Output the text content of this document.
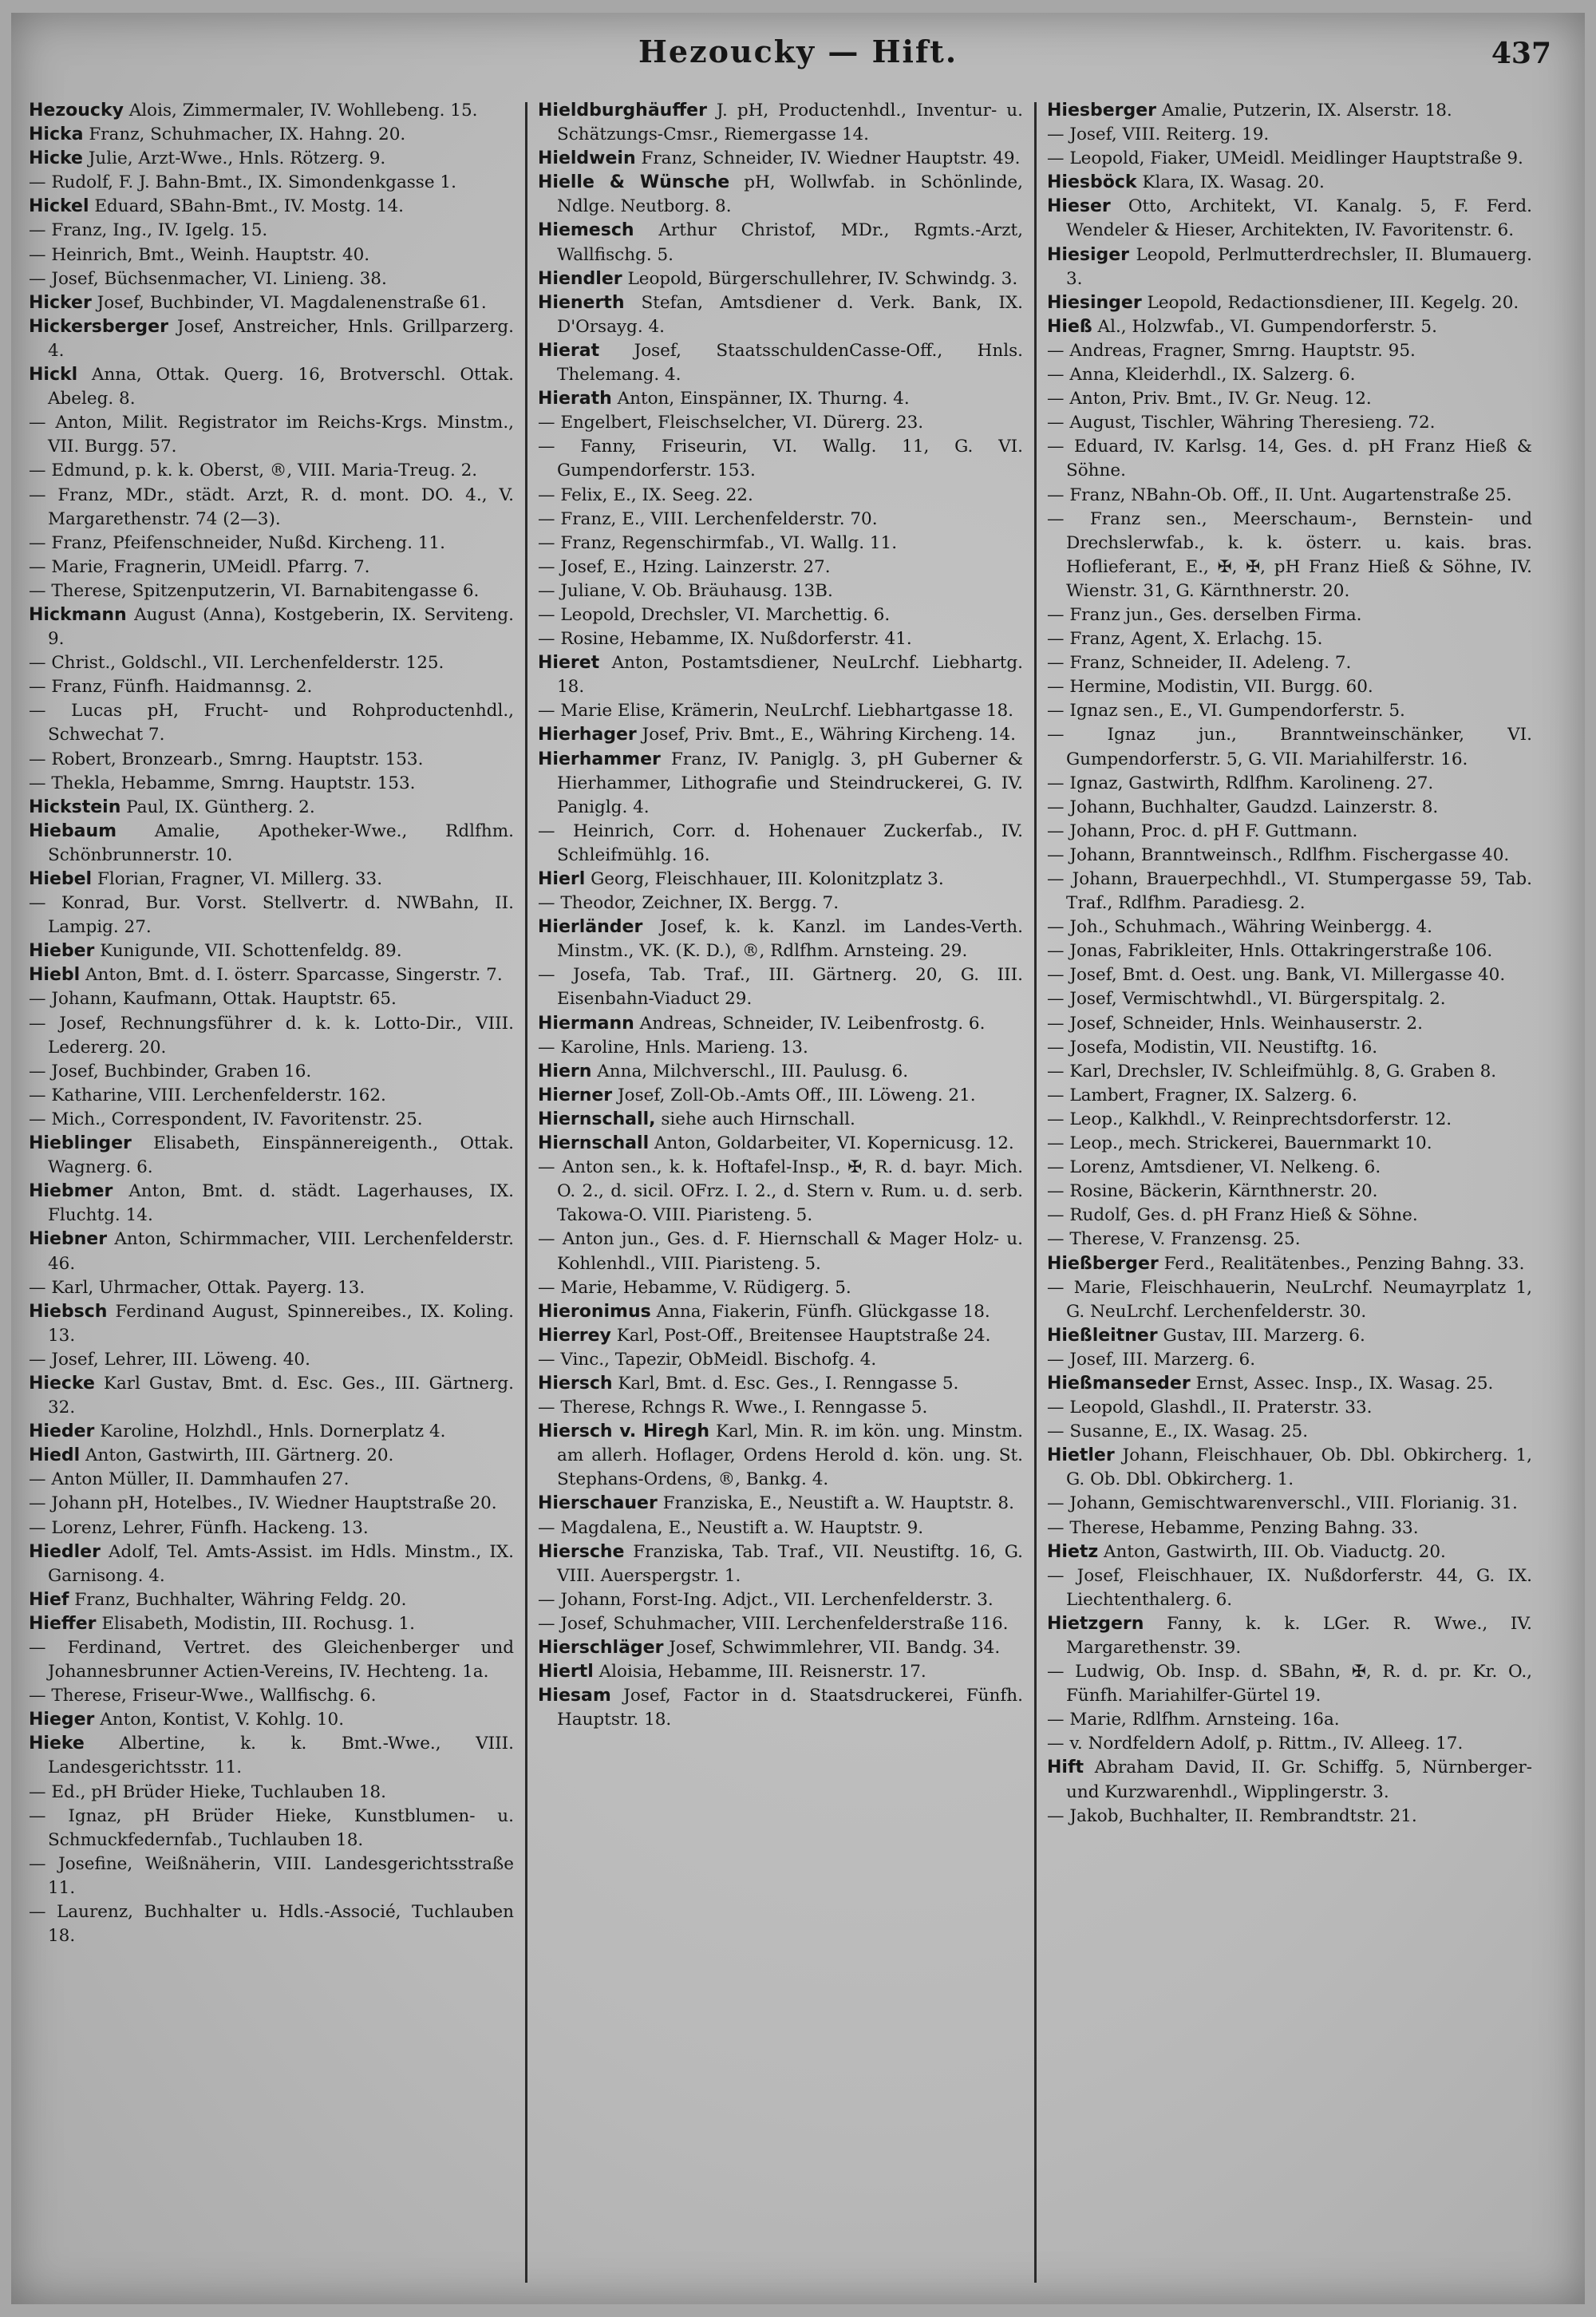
Hezoucky — Hift.	437

Hezoucky Alois, Zimmermaler, IV. Wohllebeng. 15.

Hicka Franz, Schuhmacher, IX. Hahng. 20.

Hicke Julie, Arzt-Wwe., Hnls. Rötzerg. 9.

— Rudolf, F. J. Bahn-Bmt., IX. Simondenkgasse 1.

Hickel Eduard, SBahn-Bmt., IV. Mostg. 14.

— Franz, Ing., IV. Igelg. 15.

— Heinrich, Bmt., Weinh. Hauptstr. 40.

— Josef, Büchsenmacher, VI. Linieng. 38.

Hicker Josef, Buchbinder, VI. Magdalenenstraße 61.

Hickersberger Josef, Anstreicher, Hnls. Grillparzerg. 4.

Hickl Anna, Ottak. Querg. 16, Brotverschl. Ottak. Abeleg. 8.

— Anton, Milit. Registrator im Reichs-Krgs. Minstm., VII. Burgg. 57.

— Edmund, p. k. k. Oberst, ®, VIII. Maria-Treug. 2.

— Franz, MDr., städt. Arzt, R. d. mont. DO. 4., V. Margarethenstr. 74 (2—3).

— Franz, Pfeifenschneider, Nußd. Kircheng. 11.

— Marie, Fragnerin, UMeidl. Pfarrg. 7.

— Therese, Spitzenputzerin, VI. Barnabitengasse 6.

Hickmann August (Anna), Kostgeberin, IX. Serviteng. 9.

— Christ., Goldschl., VII. Lerchenfelderstr. 125.

— Franz, Fünfh. Haidmannsg. 2.

— Lucas pH, Frucht- und Rohproductenhdl., Schwechat 7.

— Robert, Bronzearb., Smrng. Hauptstr. 153.

— Thekla, Hebamme, Smrng. Hauptstr. 153.

Hickstein Paul, IX. Güntherg. 2.

Hiebaum Amalie, Apotheker-Wwe., Rdlfhm. Schönbrunnerstr. 10.

Hiebel Florian, Fragner, VI. Millerg. 33.

— Konrad, Bur. Vorst. Stellvertr. d. NWBahn, II. Lampig. 27.

Hieber Kunigunde, VII. Schottenfeldg. 89.

Hiebl Anton, Bmt. d. I. österr. Sparcasse, Singerstr. 7.

— Johann, Kaufmann, Ottak. Hauptstr. 65.

— Josef, Rechnungsführer d. k. k. Lotto-Dir., VIII. Ledererg. 20.

— Josef, Buchbinder, Graben 16.

— Katharine, VIII. Lerchenfelderstr. 162.

— Mich., Correspondent, IV. Favoritenstr. 25.

Hieblinger Elisabeth, Einspännereigenth., Ottak. Wagnerg. 6.

Hiebmer Anton, Bmt. d. städt. Lagerhauses, IX. Fluchtg. 14.

Hiebner Anton, Schirmmacher, VIII. Lerchenfelderstr. 46.

— Karl, Uhrmacher, Ottak. Payerg. 13.

Hiebsch Ferdinand August, Spinnereibes., IX. Koling. 13.

— Josef, Lehrer, III. Löweng. 40.

Hiecke Karl Gustav, Bmt. d. Esc. Ges., III. Gärtnerg. 32.

Hieder Karoline, Holzhdl., Hnls. Dornerplatz 4.

Hiedl Anton, Gastwirth, III. Gärtnerg. 20.

— Anton Müller, II. Dammhaufen 27.

— Johann pH, Hotelbes., IV. Wiedner Hauptstraße 20.

— Lorenz, Lehrer, Fünfh. Hackeng. 13.

Hiedler Adolf, Tel. Amts-Assist. im Hdls. Minstm., IX. Garnisong. 4.

Hief Franz, Buchhalter, Währing Feldg. 20.

Hieffer Elisabeth, Modistin, III. Rochusg. 1.

— Ferdinand, Vertret. des Gleichenberger und Johannesbrunner Actien-Vereins, IV. Hechteng. 1a.

— Therese, Friseur-Wwe., Wallfischg. 6.

Hieger Anton, Kontist, V. Kohlg. 10.

Hieke Albertine, k. k. Bmt.-Wwe., VIII. Landesgerichtsstr. 11.

— Ed., pH Brüder Hieke, Tuchlauben 18.

— Ignaz, pH Brüder Hieke, Kunstblumen- u. Schmuckfedernfab., Tuchlauben 18.

— Josefine, Weißnäherin, VIII. Landesgerichtsstraße 11.

— Laurenz, Buchhalter u. Hdls.-Associé, Tuchlauben 18.

Hieldburghäuffer J. pH, Productenhdl., Inventur- u. Schätzungs-Cmsr., Riemergasse 14.

Hieldwein Franz, Schneider, IV. Wiedner Hauptstr. 49.

Hielle & Wünsche pH, Wollwfab. in Schönlinde, Ndlge. Neutborg. 8.

Hiemesch Arthur Christof, MDr., Rgmts.-Arzt, Wallfischg. 5.

Hiendler Leopold, Bürgerschullehrer, IV. Schwindg. 3.

Hienerth Stefan, Amtsdiener d. Verk. Bank, IX. D'Orsayg. 4.

Hierat Josef, StaatsschuldenCasse-Off., Hnls. Thelemang. 4.

Hierath Anton, Einspänner, IX. Thurng. 4.

— Engelbert, Fleischselcher, VI. Dürerg. 23.

— Fanny, Friseurin, VI. Wallg. 11, G. VI. Gumpendorferstr. 153.

— Felix, E., IX. Seeg. 22.

— Franz, E., VIII. Lerchenfelderstr. 70.

— Franz, Regenschirmfab., VI. Wallg. 11.

— Josef, E., Hzing. Lainzerstr. 27.

— Juliane, V. Ob. Bräuhausg. 13B.

— Leopold, Drechsler, VI. Marchettig. 6.

— Rosine, Hebamme, IX. Nußdorferstr. 41.

Hieret Anton, Postamtsdiener, NeuLrchf. Liebhartg. 18.

— Marie Elise, Krämerin, NeuLrchf. Liebhartgasse 18.

Hierhager Josef, Priv. Bmt., E., Währing Kircheng. 14.

Hierhammer Franz, IV. Paniglg. 3, pH Guberner & Hierhammer, Lithografie und Steindruckerei, G. IV. Paniglg. 4.

— Heinrich, Corr. d. Hohenauer Zuckerfab., IV. Schleifmühlg. 16.

Hierl Georg, Fleischhauer, III. Kolonitzplatz 3.

— Theodor, Zeichner, IX. Bergg. 7.

Hierländer Josef, k. k. Kanzl. im Landes-Verth. Minstm., VK. (K. D.), ®, Rdlfhm. Arnsteing. 29.

— Josefa, Tab. Traf., III. Gärtnerg. 20, G. III. Eisenbahn-Viaduct 29.

Hiermann Andreas, Schneider, IV. Leibenfrostg. 6.

— Karoline, Hnls. Marieng. 13.

Hiern Anna, Milchverschl., III. Paulusg. 6.

Hierner Josef, Zoll-Ob.-Amts Off., III. Löweng. 21.

Hiernschall, siehe auch Hirnschall.

Hiernschall Anton, Goldarbeiter, VI. Kopernicusg. 12.

— Anton sen., k. k. Hoftafel-Insp., ✠, R. d. bayr. Mich. O. 2., d. sicil. OFrz. I. 2., d. Stern v. Rum. u. d. serb. Takowa-O. VIII. Piaristeng. 5.

— Anton jun., Ges. d. F. Hiernschall & Mager Holz- u. Kohlenhdl., VIII. Piaristeng. 5.

— Marie, Hebamme, V. Rüdigerg. 5.

Hieronimus Anna, Fiakerin, Fünfh. Glückgasse 18.

Hierrey Karl, Post-Off., Breitensee Hauptstraße 24.

— Vinc., Tapezir, ObMeidl. Bischofg. 4.

Hiersch Karl, Bmt. d. Esc. Ges., I. Renngasse 5.

— Therese, Rchngs R. Wwe., I. Renngasse 5.

Hiersch v. Hiregh Karl, Min. R. im kön. ung. Minstm. am allerh. Hoflager, Ordens Herold d. kön. ung. St. Stephans-Ordens, ®, Bankg. 4.

Hierschauer Franziska, E., Neustift a. W. Hauptstr. 8.

— Magdalena, E., Neustift a. W. Hauptstr. 9.

Hiersche Franziska, Tab. Traf., VII. Neustiftg. 16, G. VIII. Auerspergstr. 1.

— Johann, Forst-Ing. Adjct., VII. Lerchenfelderstr. 3.

— Josef, Schuhmacher, VIII. Lerchenfelderstraße 116.

Hierschläger Josef, Schwimmlehrer, VII. Bandg. 34.

Hiertl Aloisia, Hebamme, III. Reisnerstr. 17.

Hiesam Josef, Factor in d. Staatsdruckerei, Fünfh. Hauptstr. 18.

Hiesberger Amalie, Putzerin, IX. Alserstr. 18.

— Josef, VIII. Reiterg. 19.

— Leopold, Fiaker, UMeidl. Meidlinger Hauptstraße 9.

Hiesböck Klara, IX. Wasag. 20.

Hieser Otto, Architekt, VI. Kanalg. 5, F. Ferd. Wendeler & Hieser, Architekten, IV. Favoritenstr. 6.

Hiesiger Leopold, Perlmutterdrechsler, II. Blumauerg. 3.

Hiesinger Leopold, Redactionsdiener, III. Kegelg. 20.

Hieß Al., Holzwfab., VI. Gumpendorferstr. 5.

— Andreas, Fragner, Smrng. Hauptstr. 95.

— Anna, Kleiderhdl., IX. Salzerg. 6.

— Anton, Priv. Bmt., IV. Gr. Neug. 12.

— August, Tischler, Währing Theresieng. 72.

— Eduard, IV. Karlsg. 14, Ges. d. pH Franz Hieß & Söhne.

— Franz, NBahn-Ob. Off., II. Unt. Augartenstraße 25.

— Franz sen., Meerschaum-, Bernstein- und Drechslerwfab., k. k. österr. u. kais. bras. Hoflieferant, E., ✠, ✠, pH Franz Hieß & Söhne, IV. Wienstr. 31, G. Kärnthnerstr. 20.

— Franz jun., Ges. derselben Firma.

— Franz, Agent, X. Erlachg. 15.

— Franz, Schneider, II. Adeleng. 7.

— Hermine, Modistin, VII. Burgg. 60.

— Ignaz sen., E., VI. Gumpendorferstr. 5.

— Ignaz jun., Branntweinschänker, VI. Gumpendorferstr. 5, G. VII. Mariahilferstr. 16.

— Ignaz, Gastwirth, Rdlfhm. Karolineng. 27.

— Johann, Buchhalter, Gaudzd. Lainzerstr. 8.

— Johann, Proc. d. pH F. Guttmann.

— Johann, Branntweinsch., Rdlfhm. Fischergasse 40.

— Johann, Brauerpechhdl., VI. Stumpergasse 59, Tab. Traf., Rdlfhm. Paradiesg. 2.

— Joh., Schuhmach., Währing Weinbergg. 4.

— Jonas, Fabrikleiter, Hnls. Ottakringerstraße 106.

— Josef, Bmt. d. Oest. ung. Bank, VI. Millergasse 40.

— Josef, Vermischtwhdl., VI. Bürgerspitalg. 2.

— Josef, Schneider, Hnls. Weinhauserstr. 2.

— Josefa, Modistin, VII. Neustiftg. 16.

— Karl, Drechsler, IV. Schleifmühlg. 8, G. Graben 8.

— Lambert, Fragner, IX. Salzerg. 6.

— Leop., Kalkhdl., V. Reinprechtsdorferstr. 12.

— Leop., mech. Strickerei, Bauernmarkt 10.

— Lorenz, Amtsdiener, VI. Nelkeng. 6.

— Rosine, Bäckerin, Kärnthnerstr. 20.

— Rudolf, Ges. d. pH Franz Hieß & Söhne.

— Therese, V. Franzensg. 25.

Hießberger Ferd., Realitätenbes., Penzing Bahng. 33.

— Marie, Fleischhauerin, NeuLrchf. Neumayrplatz 1, G. NeuLrchf. Lerchenfelderstr. 30.

Hießleitner Gustav, III. Marzerg. 6.

— Josef, III. Marzerg. 6.

Hießmanseder Ernst, Assec. Insp., IX. Wasag. 25.

— Leopold, Glashdl., II. Praterstr. 33.

— Susanne, E., IX. Wasag. 25.

Hietler Johann, Fleischhauer, Ob. Dbl. Obkircherg. 1, G. Ob. Dbl. Obkircherg. 1.

— Johann, Gemischtwarenverschl., VIII. Florianig. 31.

— Therese, Hebamme, Penzing Bahng. 33.

Hietz Anton, Gastwirth, III. Ob. Viaductg. 20.

— Josef, Fleischhauer, IX. Nußdorferstr. 44, G. IX. Liechtenthalerg. 6.

Hietzgern Fanny, k. k. LGer. R. Wwe., IV. Margarethenstr. 39.

— Ludwig, Ob. Insp. d. SBahn, ✠, R. d. pr. Kr. O., Fünfh. Mariahilfer-Gürtel 19.

— Marie, Rdlfhm. Arnsteing. 16a.

— v. Nordfeldern Adolf, p. Rittm., IV. Alleeg. 17.

Hift Abraham David, II. Gr. Schiffg. 5, Nürnberger- und Kurzwarenhdl., Wipplingerstr. 3.

— Jakob, Buchhalter, II. Rembrandtstr. 21.
